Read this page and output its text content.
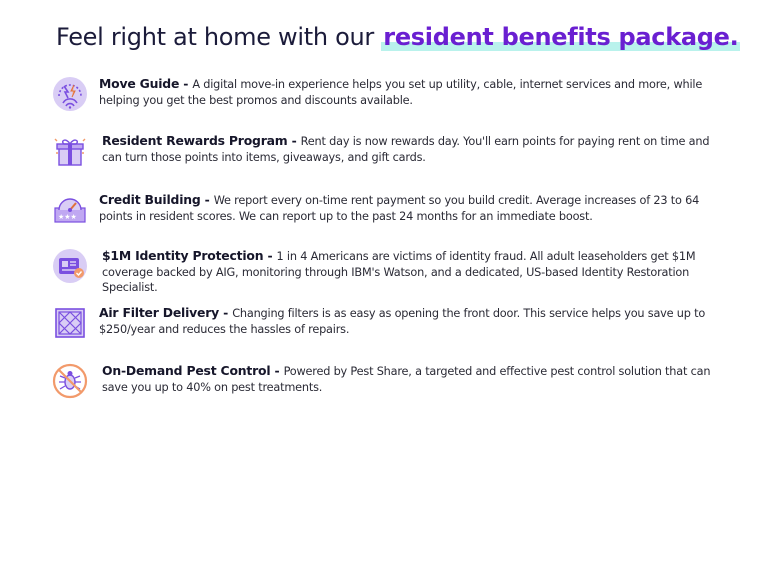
Feel right at home with our resident benefits package.
Move Guide - A digital move-in experience helps you set up utility, cable, internet services and more, while helping you get the best promos and discounts available.
Resident Rewards Program - Rent day is now rewards day. You'll earn points for paying rent on time and can turn those points into items, giveaways, and gift cards.
★★★
Credit Building - We report every on-time rent payment so you build credit. Average increases of 23 to 64 points in resident scores. We can report up to the past 24 months for an immediate boost.
$1M Identity Protection - 1 in 4 Americans are victims of identity fraud. All adult leaseholders get $1M coverage backed by AIG, monitoring through IBM's Watson, and a dedicated, US-based Identity Restoration Specialist.
Air Filter Delivery - Changing filters is as easy as opening the front door. This service helps you save up to $250/year and reduces the hassles of repairs.
On-Demand Pest Control - Powered by Pest Share, a targeted and effective pest control solution that can save you up to 40% on pest treatments.
